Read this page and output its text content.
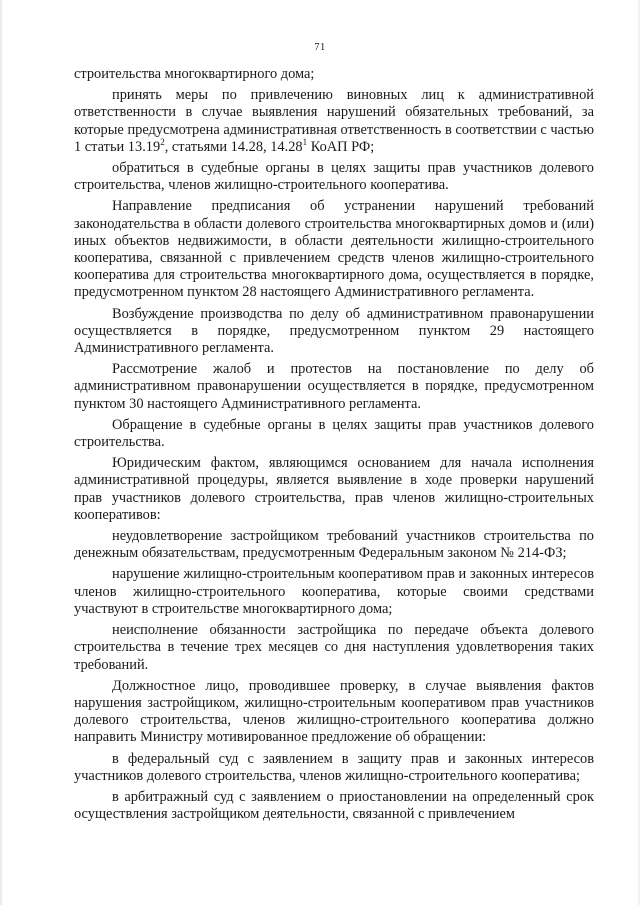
71

строительства многоквартирного дома;

принять меры по привлечению виновных лиц к административной ответственности в случае выявления нарушений обязательных требований, за которые предусмотрена административная ответственность в соответствии с частью 1 статьи 13.19$^2$, статьями 14.28, 14.28$^1$ КоАП РФ;

обратиться в судебные органы в целях защиты прав участников долевого строительства, членов жилищно-строительного кооператива.

Направление предписания об устранении нарушений требований законодательства в области долевого строительства многоквартирных домов и (или) иных объектов недвижимости, в области деятельности жилищно-строительного кооператива, связанной с привлечением средств членов жилищно-строительного кооператива для строительства многоквартирного дома, осуществляется в порядке, предусмотренном пунктом 28 настоящего Административного регламента.

Возбуждение производства по делу об административном правонарушении осуществляется в порядке, предусмотренном пунктом 29 настоящего Административного регламента.

Рассмотрение жалоб и протестов на постановление по делу об административном правонарушении осуществляется в порядке, предусмотренном пунктом 30 настоящего Административного регламента.

Обращение в судебные органы в целях защиты прав участников долевого строительства.

Юридическим фактом, являющимся основанием для начала исполнения административной процедуры, является выявление в ходе проверки нарушений прав участников долевого строительства, прав членов жилищно-строительных кооперативов:

неудовлетворение застройщиком требований участников строительства по денежным обязательствам, предусмотренным Федеральным законом № 214-ФЗ;

нарушение жилищно-строительным кооперативом прав и законных интересов членов жилищно-строительного кооператива, которые своими средствами участвуют в строительстве многоквартирного дома;

неисполнение обязанности застройщика по передаче объекта долевого строительства в течение трех месяцев со дня наступления удовлетворения таких требований.

Должностное лицо, проводившее проверку, в случае выявления фактов нарушения застройщиком, жилищно-строительным кооперативом прав участников долевого строительства, членов жилищно-строительного кооператива должно направить Министру мотивированное предложение об обращении:

в федеральный суд с заявлением в защиту прав и законных интересов участников долевого строительства, членов жилищно-строительного кооператива;

в арбитражный суд с заявлением о приостановлении на определенный срок осуществления застройщиком деятельности, связанной с привлечением
